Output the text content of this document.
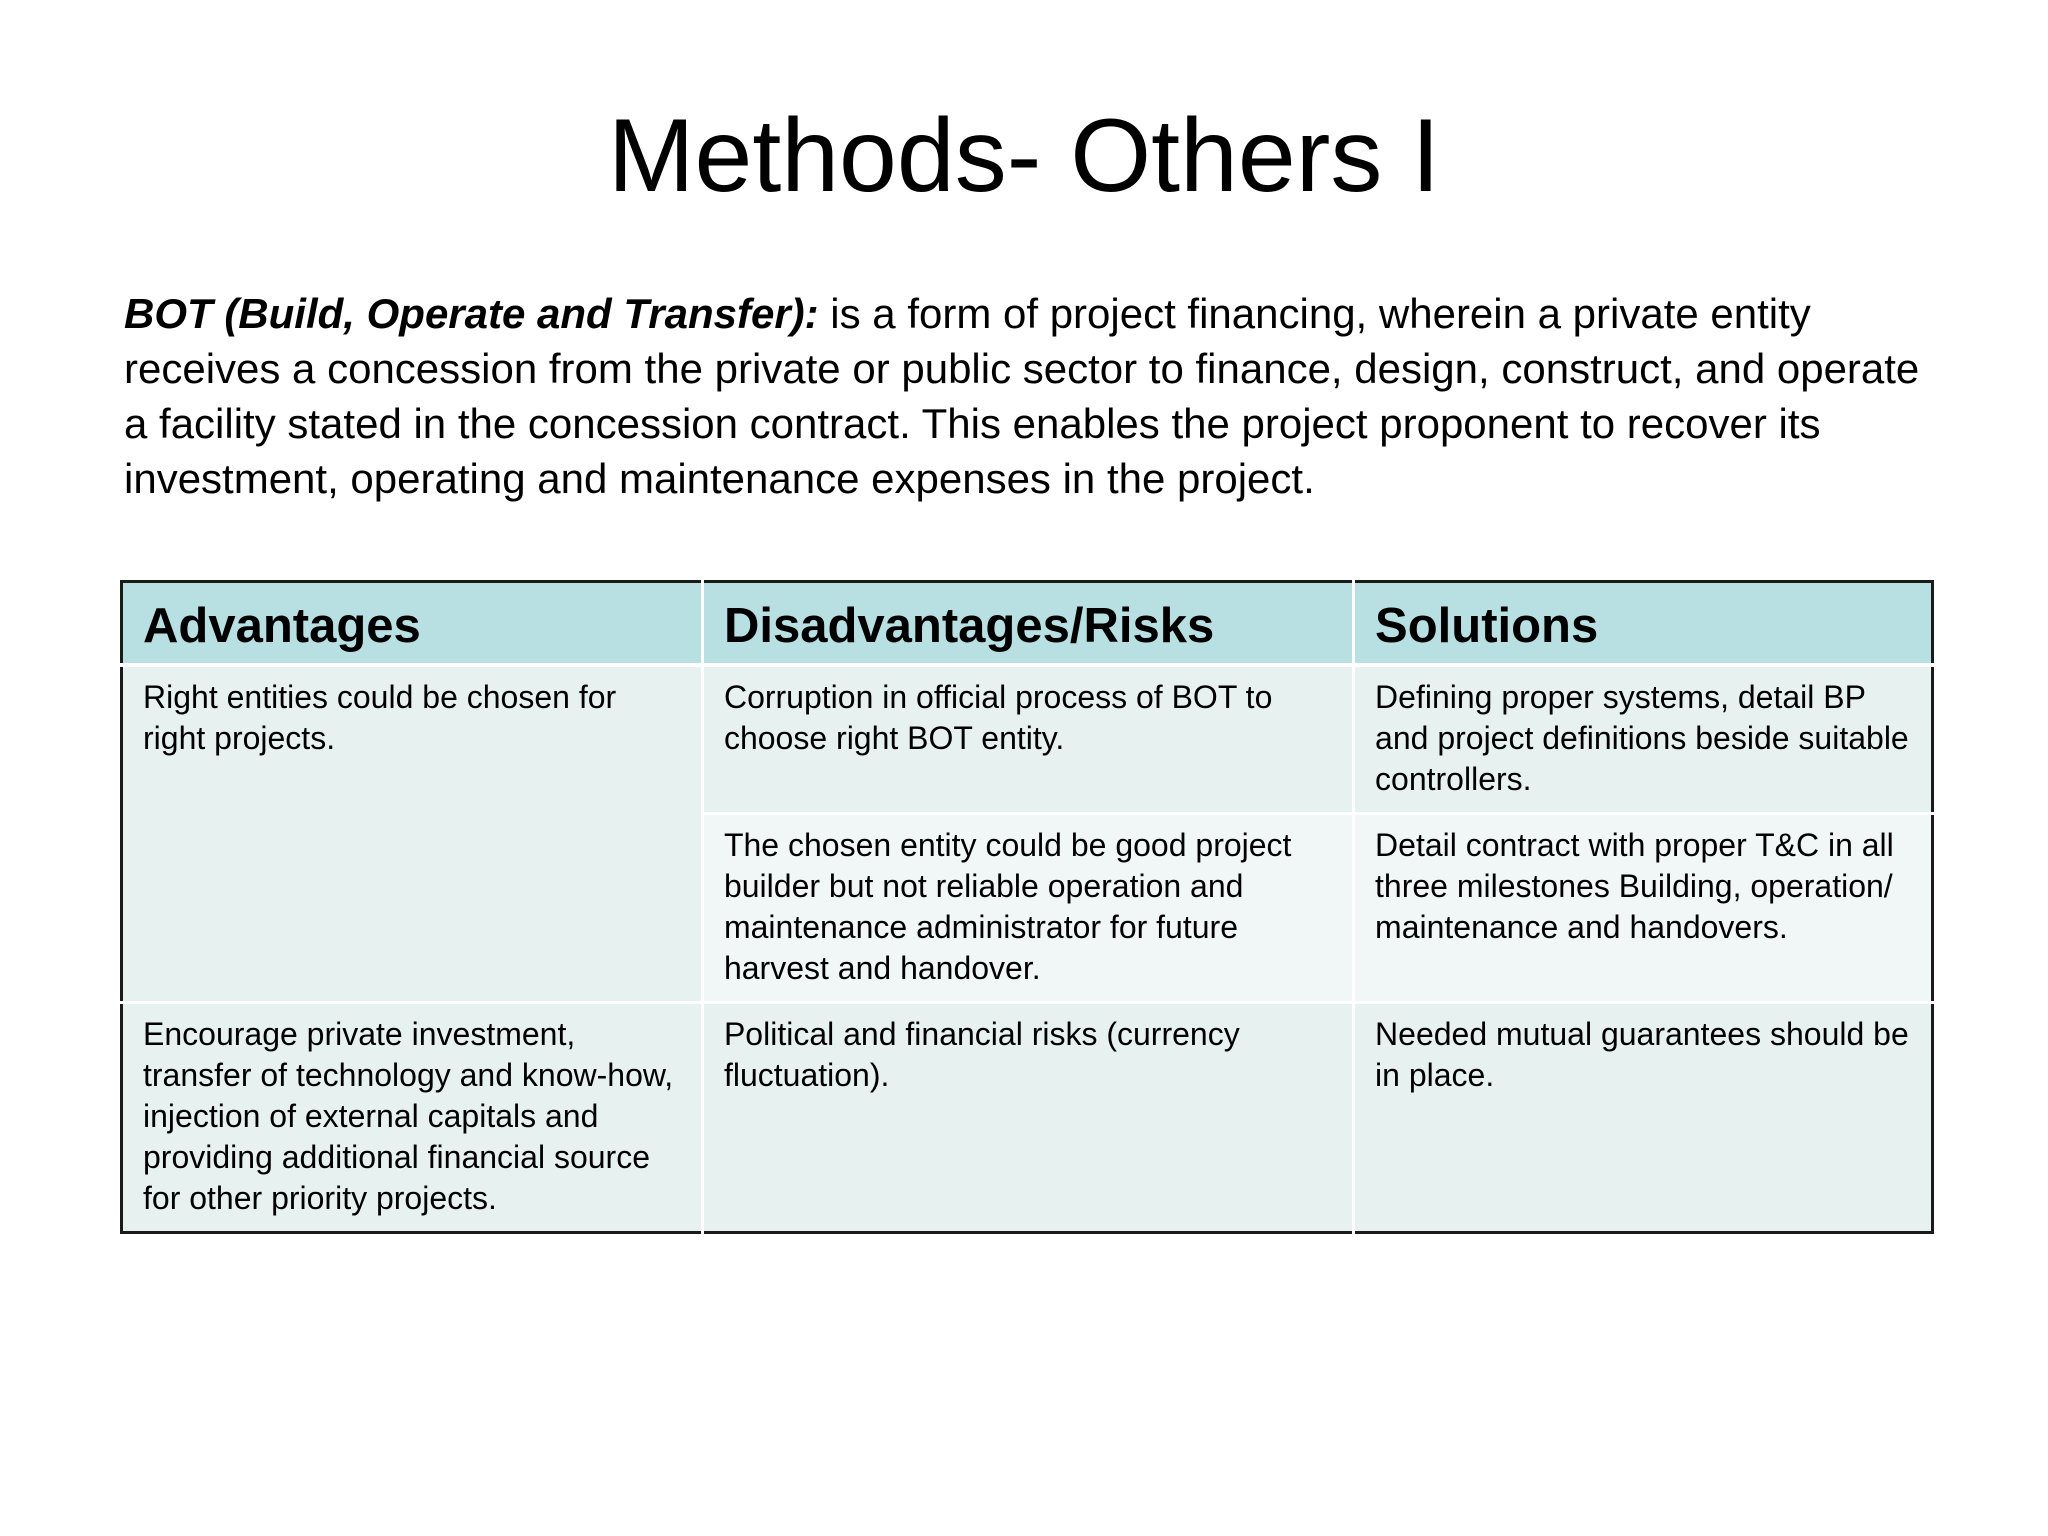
Methods- Others I

BOT (Build, Operate and Transfer): is a form of project financing, wherein a private entity receives a concession from the private or public sector to finance, design, construct, and operate a facility stated in the concession contract. This enables the project proponent to recover its investment, operating and maintenance expenses in the project.

Advantages	Disadvantages/Risks	Solutions
Right entities could be chosen for right projects.	Corruption in official process of BOT to choose right BOT entity.	Defining proper systems, detail BP and project definitions beside suitable controllers.
	The chosen entity could be good project builder but not reliable operation and maintenance administrator for future harvest and handover.	Detail contract with proper T&C in all three milestones Building, operation/ maintenance and handovers.
Encourage private investment, transfer of technology and know-how, injection of external capitals and providing additional financial source for other priority projects.	Political and financial risks (currency fluctuation).	Needed mutual guarantees should be in place.
